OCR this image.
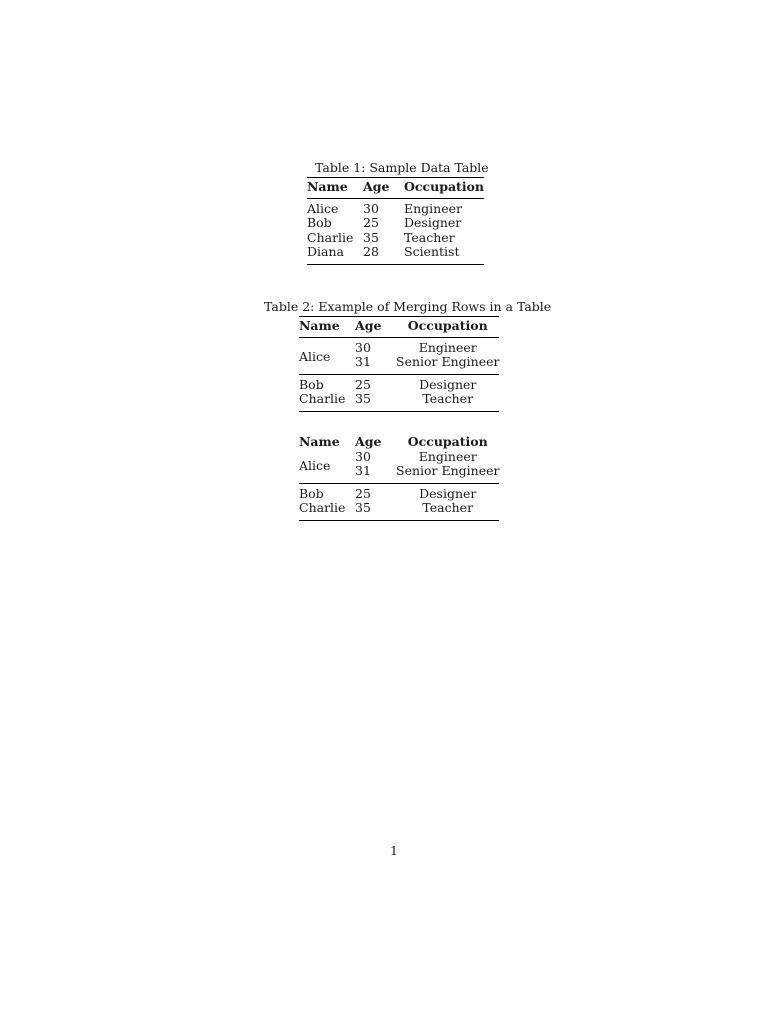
Table 1: Sample Data Table
Name	Age	Occupation
Alice	30	Engineer
Bob	25	Designer
Charlie	35	Teacher
Diana	28	Scientist
Table 2: Example of Merging Rows in a Table
Name	Age	Occupation
Alice	30	Engineer
	31	Senior Engineer
Bob	25	Designer
Charlie	35	Teacher
Name	Age	Occupation
Alice	30	Engineer
	31	Senior Engineer
Bob	25	Designer
Charlie	35	Teacher
1
